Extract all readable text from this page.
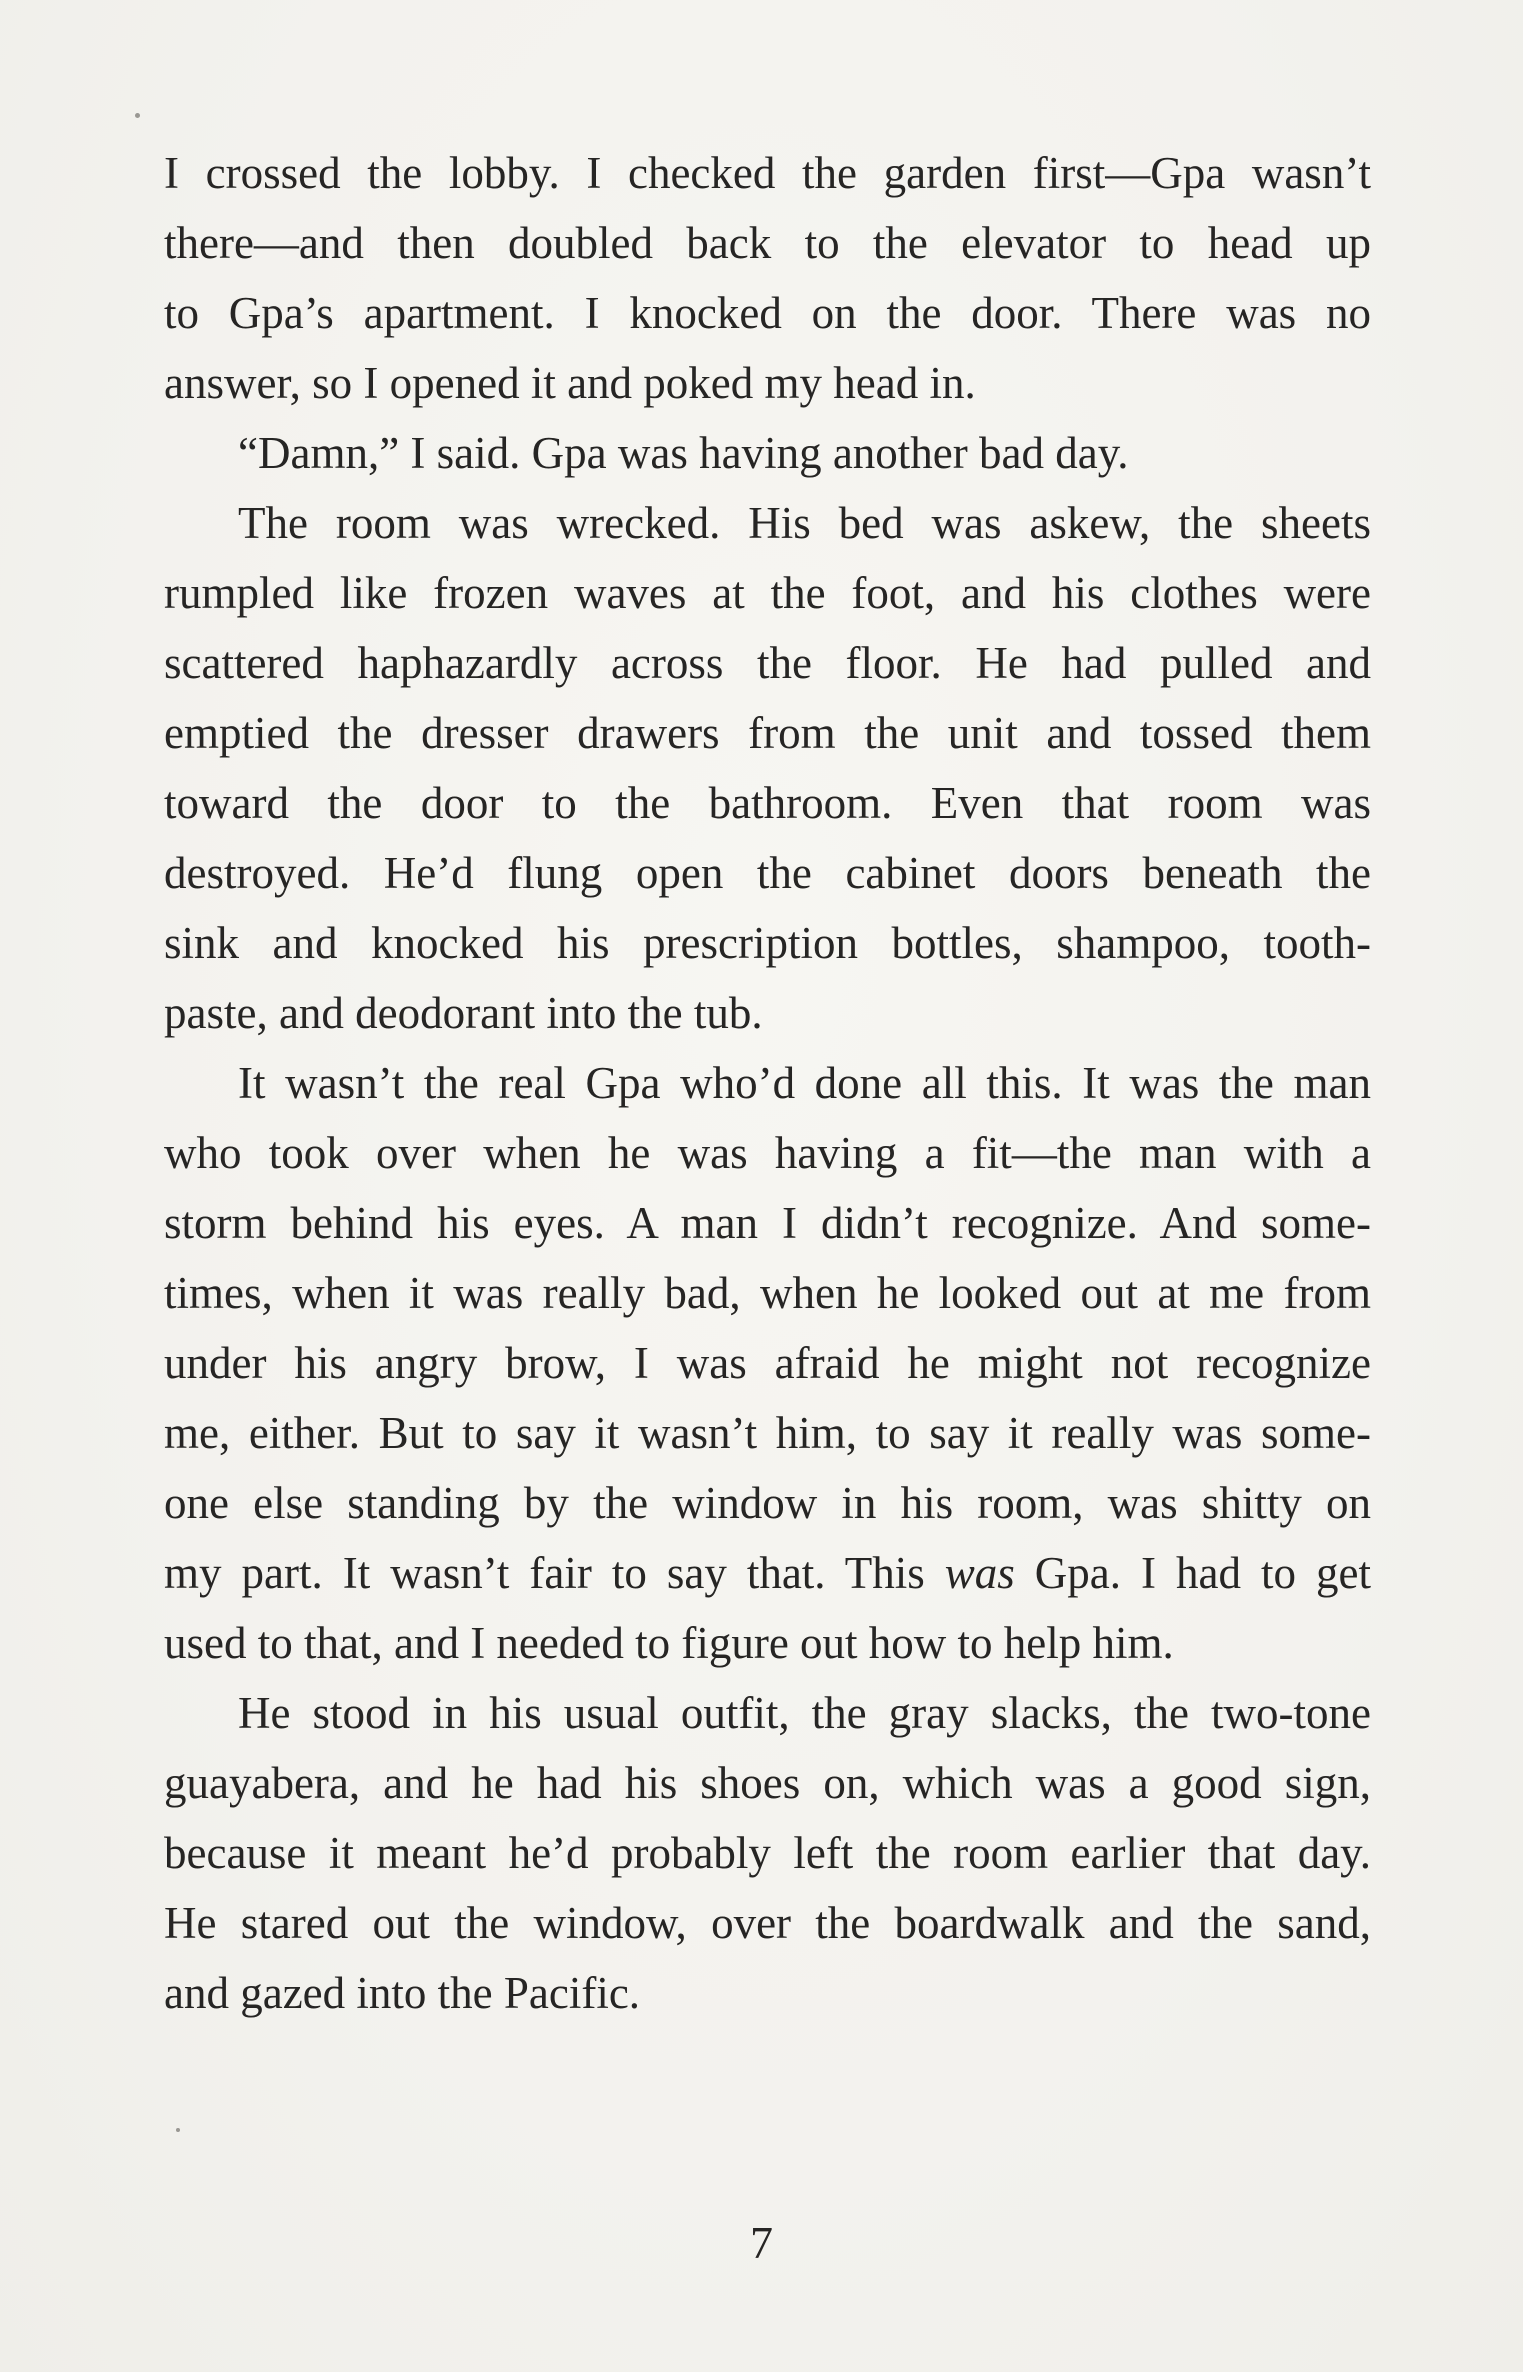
I crossed the lobby. I checked the garden first—Gpa wasn’t
there—and then doubled back to the elevator to head up
to Gpa’s apartment. I knocked on the door. There was no
answer, so I opened it and poked my head in.
“Damn,” I said. Gpa was having another bad day.
The room was wrecked. His bed was askew, the sheets
rumpled like frozen waves at the foot, and his clothes were
scattered haphazardly across the floor. He had pulled and
emptied the dresser drawers from the unit and tossed them
toward the door to the bathroom. Even that room was
destroyed. He’d flung open the cabinet doors beneath the
sink and knocked his prescription bottles, shampoo, tooth-
paste, and deodorant into the tub.
It wasn’t the real Gpa who’d done all this. It was the man
who took over when he was having a fit—the man with a
storm behind his eyes. A man I didn’t recognize. And some-
times, when it was really bad, when he looked out at me from
under his angry brow, I was afraid he might not recognize
me, either. But to say it wasn’t him, to say it really was some-
one else standing by the window in his room, was shitty on
my part. It wasn’t fair to say that. This was Gpa. I had to get
used to that, and I needed to figure out how to help him.
He stood in his usual outfit, the gray slacks, the two-tone
guayabera, and he had his shoes on, which was a good sign,
because it meant he’d probably left the room earlier that day.
He stared out the window, over the boardwalk and the sand,
and gazed into the Pacific.
7
